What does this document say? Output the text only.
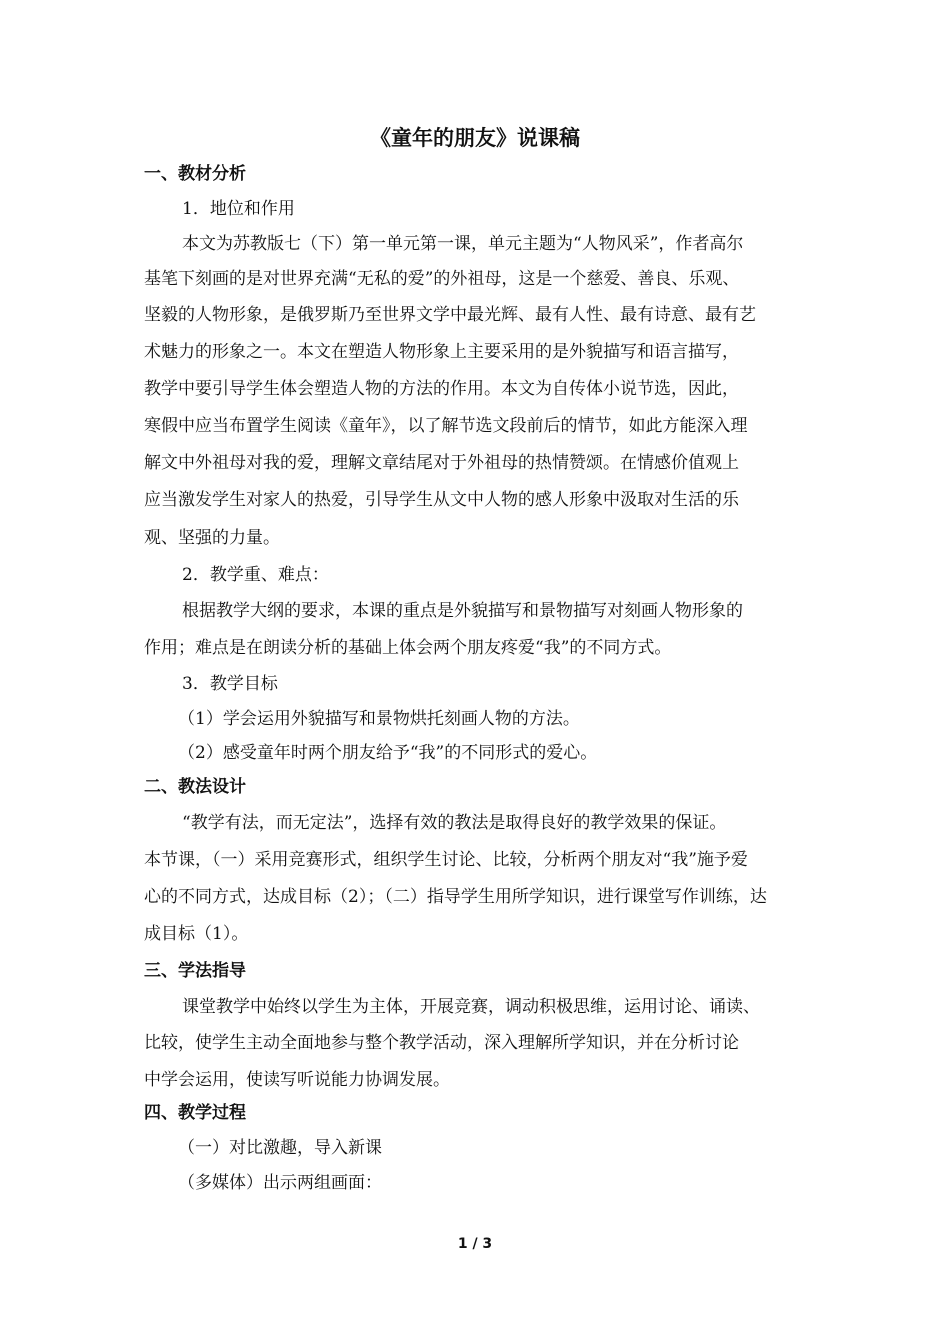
《童年的朋友》说课稿
一、教材分析
1．地位和作用
本文为苏教版七（下）第一单元第一课，单元主题为“人物风采”，作者高尔
基笔下刻画的是对世界充满“无私的爱”的外祖母，这是一个慈爱、善良、乐观、
坚毅的人物形象，是俄罗斯乃至世界文学中最光辉、最有人性、最有诗意、最有艺
术魅力的形象之一。本文在塑造人物形象上主要采用的是外貌描写和语言描写，
教学中要引导学生体会塑造人物的方法的作用。本文为自传体小说节选，因此，
寒假中应当布置学生阅读《童年》，以了解节选文段前后的情节，如此方能深入理
解文中外祖母对我的爱，理解文章结尾对于外祖母的热情赞颂。在情感价值观上
应当激发学生对家人的热爱，引导学生从文中人物的感人形象中汲取对生活的乐
观、坚强的力量。
2．教学重、难点：
根据教学大纲的要求，本课的重点是外貌描写和景物描写对刻画人物形象的
作用；难点是在朗读分析的基础上体会两个朋友疼爱“我”的不同方式。
3．教学目标
（1）学会运用外貌描写和景物烘托刻画人物的方法。
（2）感受童年时两个朋友给予“我”的不同形式的爱心。
二、教法设计
“教学有法，而无定法”，选择有效的教法是取得良好的教学效果的保证。
本节课，（一）采用竞赛形式，组织学生讨论、比较，分析两个朋友对“我”施予爱
心的不同方式，达成目标（2）；（二）指导学生用所学知识，进行课堂写作训练，达
成目标（1）。
三、学法指导
课堂教学中始终以学生为主体，开展竞赛，调动积极思维，运用讨论、诵读、
比较，使学生主动全面地参与整个教学活动，深入理解所学知识，并在分析讨论
中学会运用，使读写听说能力协调发展。
四、教学过程
（一）对比激趣，导入新课
（多媒体）出示两组画面：
1 / 3
